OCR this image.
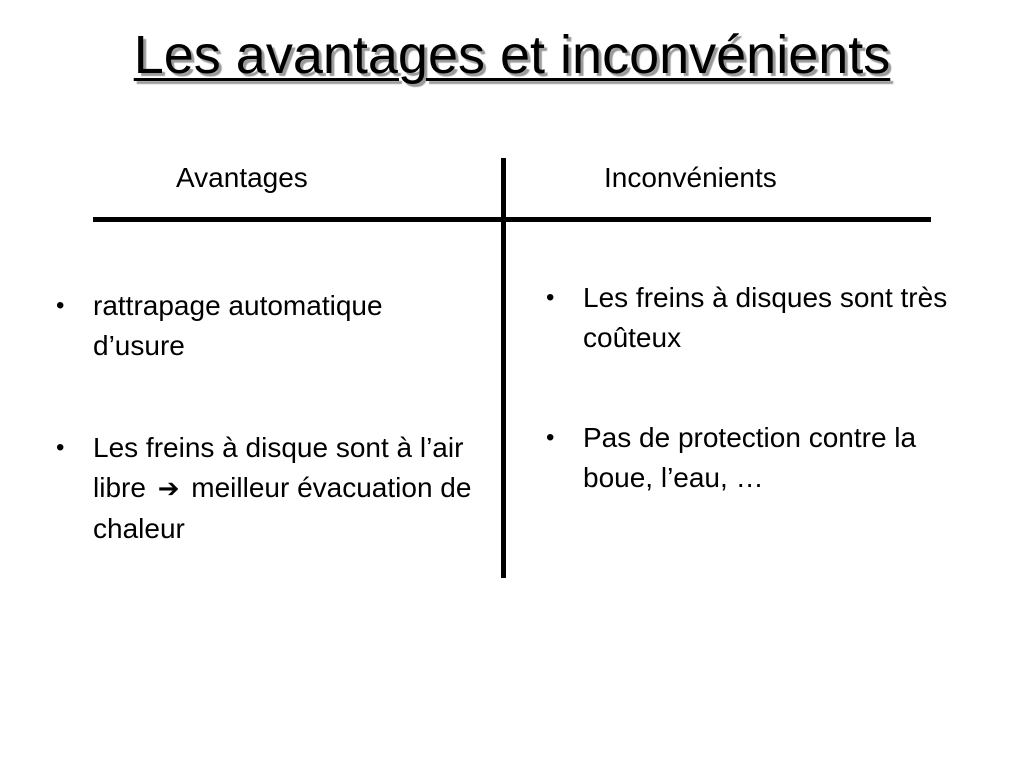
Les avantages et inconvénients
Avantages	Inconvénients
• rattrapage automatique d’usure
• Les freins à disque sont à l’air libre ➔ meilleur évacuation de chaleur
• Les freins à disques sont très coûteux
• Pas de protection contre la boue, l’eau, …
